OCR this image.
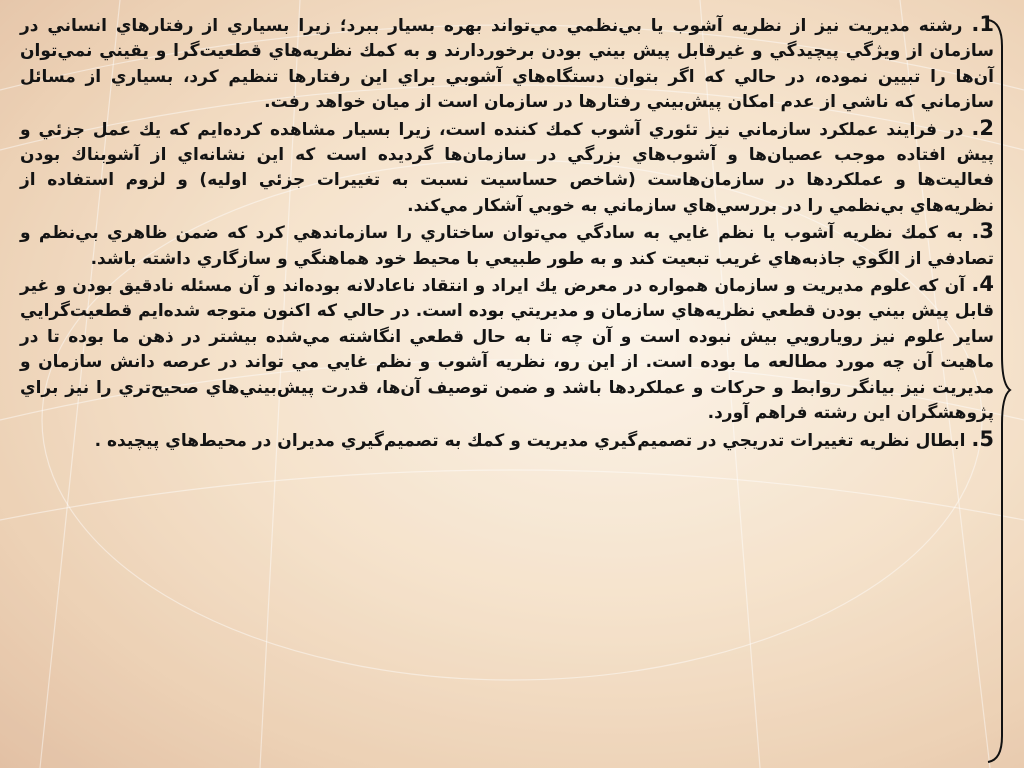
1. رشته مديريت نيز از نظريه آشوب يا بي‌نظمي مي‌تواند بهره بسيار ببرد؛ زيرا بسياري از رفتارهاي انساني در سازمان از ويژگي پيچيدگي و غيرقابل پيش بيني بودن برخوردارند و به كمك نظريه‌هاي قطعيت‌گرا و يقيني نمي‌توان آن‌ها را تبيين نموده، در حالي كه اگر بتوان دستگاه‌هاي آشوبي براي اين رفتارها تنظيم كرد، بسياري از مسائل سازماني كه ناشي از عدم امكان پيش‌بيني رفتارها در سازمان است از ميان خواهد رفت.

2. در فرايند عملكرد سازماني نيز تئوري آشوب كمك كننده است، زيرا بسيار مشاهده كرده‌ايم كه يك عمل جزئي و پيش افتاده موجب عصيان‌ها و آشوب‌هاي بزرگي در سازمان‌ها گرديده است كه اين نشانه‌اي از آشوبناك بودن فعاليت‌ها و عملكردها در سازمان‌هاست (شاخص حساسيت نسبت به تغييرات جزئي اوليه) و لزوم استفاده از نظريه‌هاي بي‌نظمي را در بررسي‌هاي سازماني به خوبي آشكار مي‌كند.

3. به كمك نظريه آشوب يا نظم غايي به سادگي مي‌توان ساختاري را سازماندهي كرد كه ضمن ظاهري بي‌نظم و تصادفي از الگوي جاذبه‌هاي غريب تبعيت كند و به طور طبيعي با محيط خود هماهنگي و سازگاري داشته باشد.

4. آن كه علوم مديريت و سازمان همواره در معرض يك ايراد و انتقاد ناعادلانه بوده‌اند و آن مسئله نادقيق بودن و غير قابل پيش بيني بودن قطعي نظريه‌هاي سازمان و مديريتي بوده است. در حالي كه اكنون متوجه شده‌ايم قطعيت‌گرايي ساير علوم نيز رويارويي بيش نبوده است و آن چه تا به حال قطعي انگاشته مي‌شده بيشتر در ذهن ما بوده تا در ماهيت آن چه مورد مطالعه ما بوده است. از اين رو، نظريه آشوب و نظم غايي مي تواند در عرصه دانش سازمان و مديريت نيز بيانگر روابط و حركات و عملكردها باشد و ضمن توصيف آن‌ها، قدرت پيش‌بيني‌هاي صحيح‌تري را نيز براي پژوهشگران اين رشته فراهم آورد.

5. ابطال نظريه تغييرات تدريجي در تصميم‌گيري مديريت و كمك به تصميم‌گيري مديران در محيط‌هاي پيچيده .
